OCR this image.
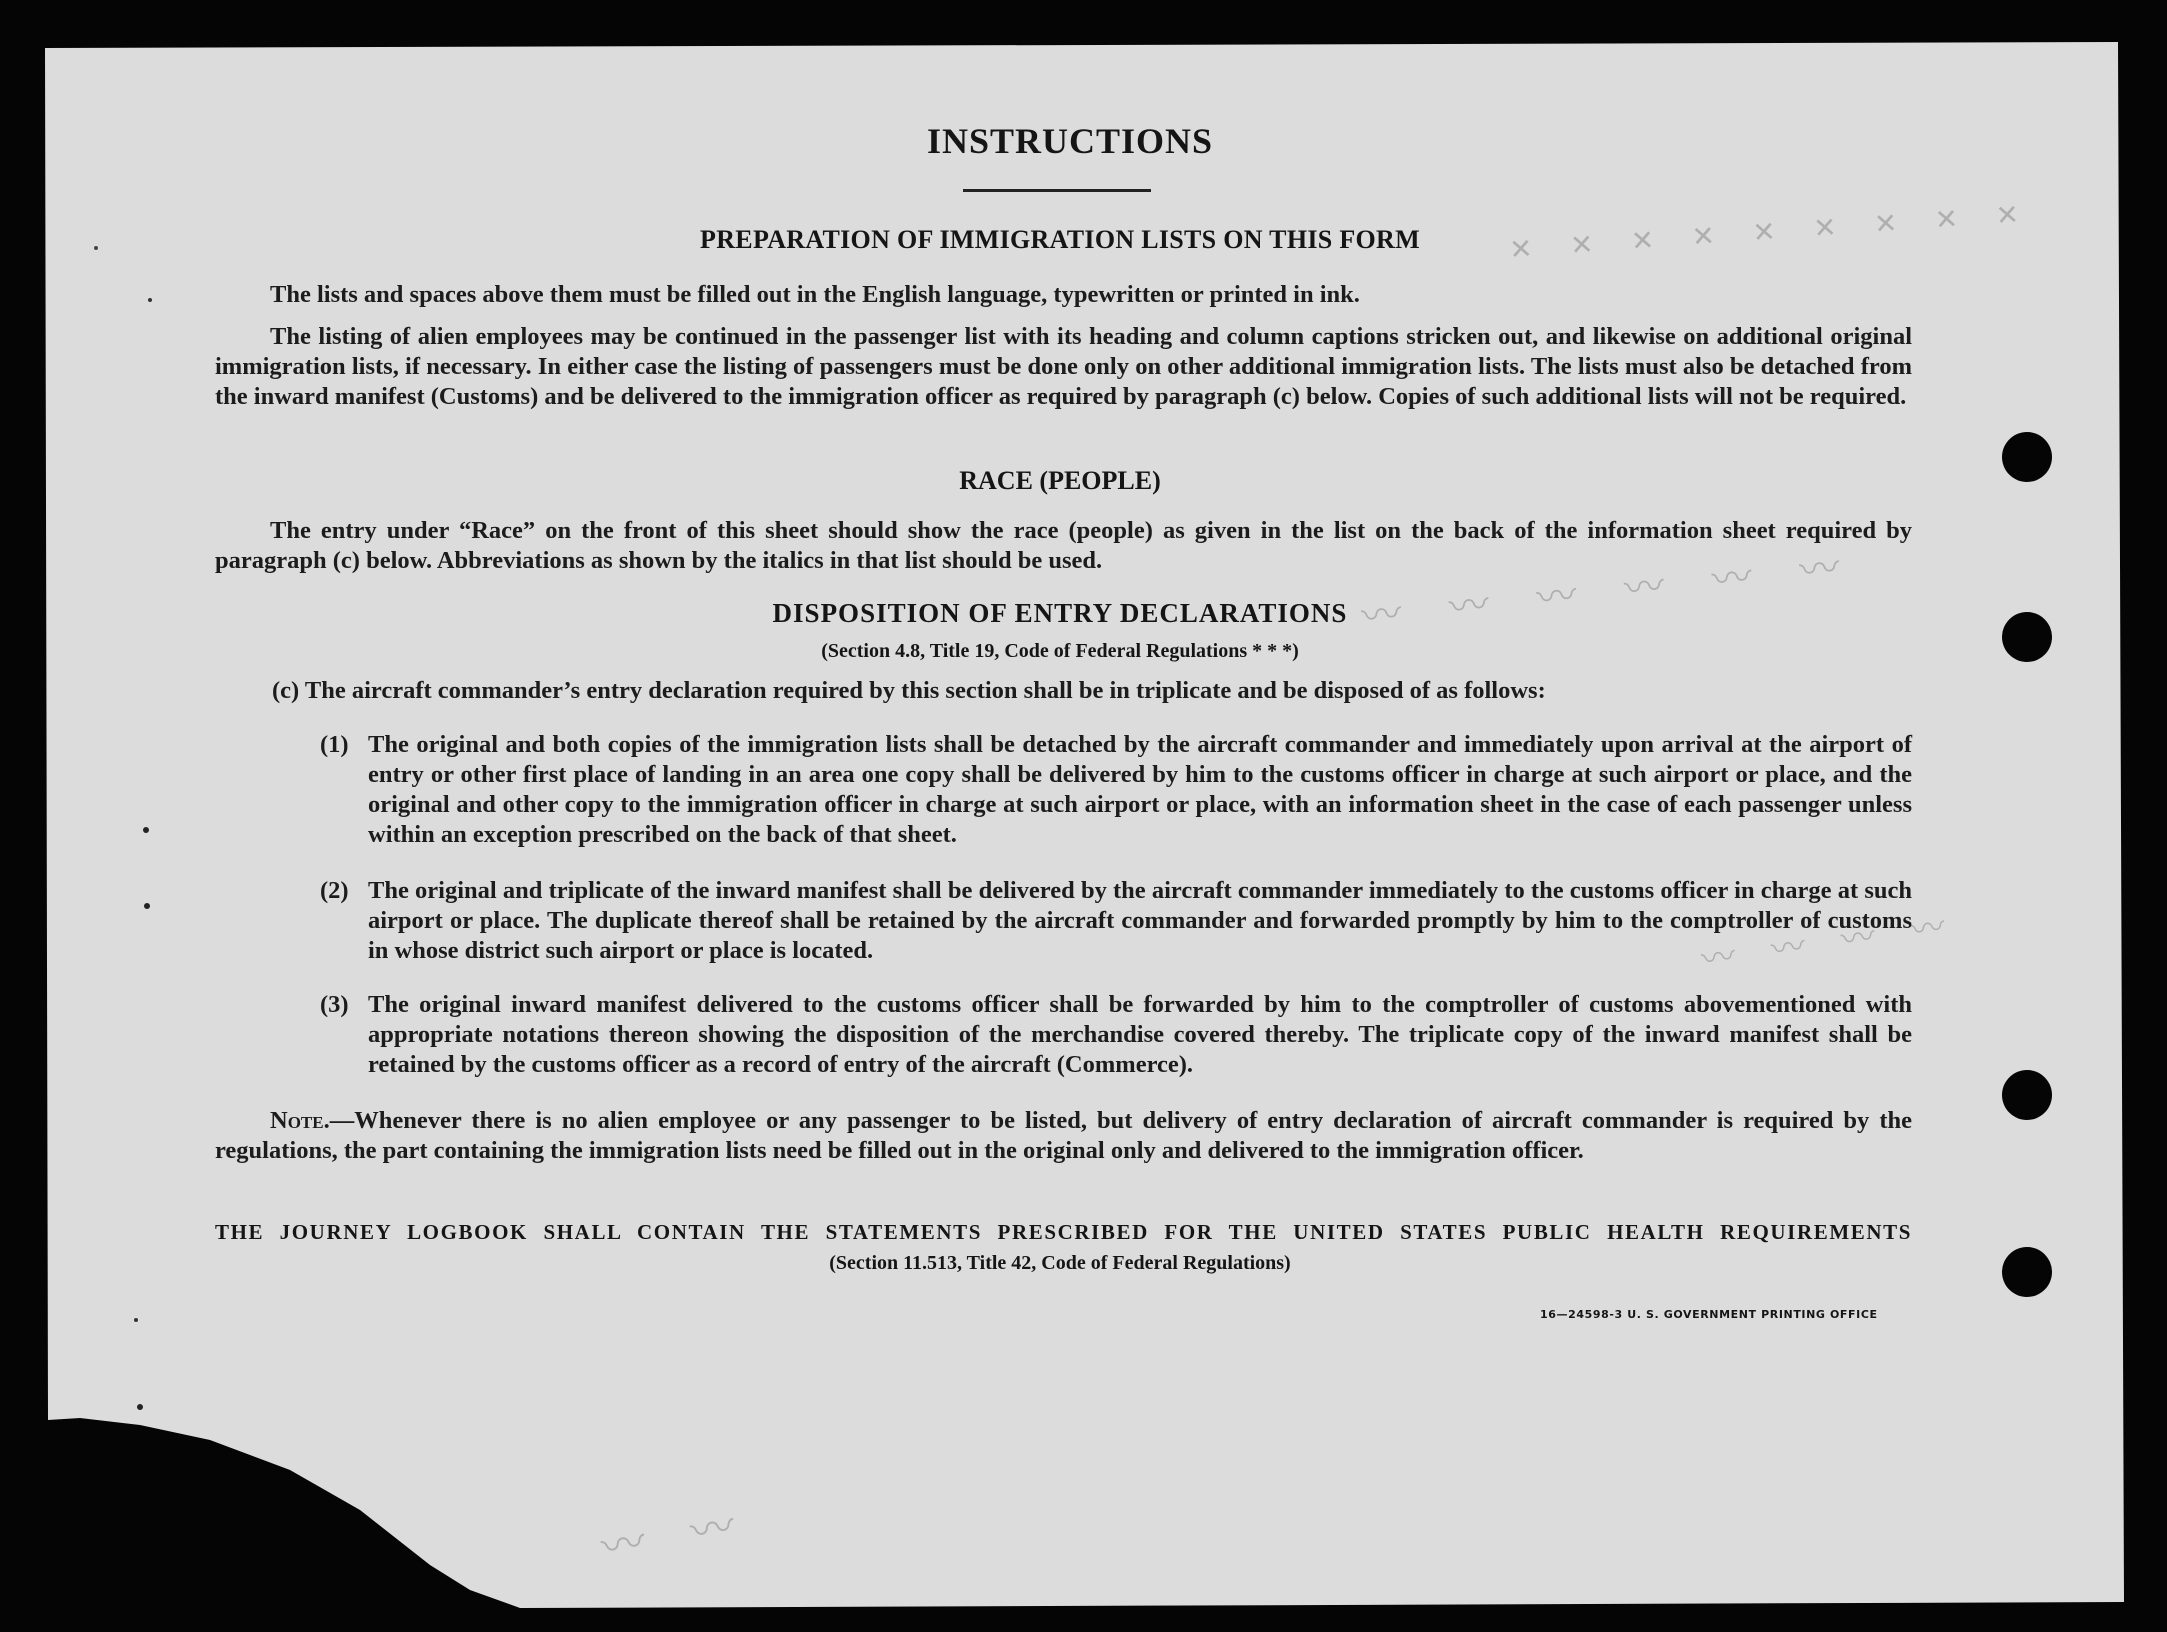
✕ ✕ ✕ ✕ ✕ ✕ ✕ ✕ ✕
〰 〰 〰 〰 〰 〰
〰 〰 〰 〰
〰 〰
INSTRUCTIONS
PREPARATION OF IMMIGRATION LISTS ON THIS FORM
The lists and spaces above them must be filled out in the English language, typewritten or printed in ink.
The listing of alien employees may be continued in the passenger list with its heading and column captions stricken out, and likewise on additional original immigration lists, if necessary. In either case the listing of passengers must be done only on other additional immigration lists. The lists must also be detached from the inward manifest (Customs) and be delivered to the immigration officer as required by paragraph (c) below. Copies of such additional lists will not be required.
RACE (PEOPLE)
The entry under “Race” on the front of this sheet should show the race (people) as given in the list on the back of the information sheet required by paragraph (c) below. Abbreviations as shown by the italics in that list should be used.
DISPOSITION OF ENTRY DECLARATIONS
(Section 4.8, Title 19, Code of Federal Regulations * * *)
(c) The aircraft commander’s entry declaration required by this section shall be in triplicate and be disposed of as follows:
(1) The original and both copies of the immigration lists shall be detached by the aircraft commander and immediately upon arrival at the airport of entry or other first place of landing in an area one copy shall be delivered by him to the customs officer in charge at such airport or place, and the original and other copy to the immigration officer in charge at such airport or place, with an information sheet in the case of each passenger unless within an exception prescribed on the back of that sheet.
(2) The original and triplicate of the inward manifest shall be delivered by the aircraft commander immediately to the customs officer in charge at such airport or place. The duplicate thereof shall be retained by the aircraft commander and forwarded promptly by him to the comptroller of customs in whose district such airport or place is located.
(3) The original inward manifest delivered to the customs officer shall be forwarded by him to the comptroller of customs abovementioned with appropriate notations thereon showing the disposition of the merchandise covered thereby. The triplicate copy of the inward manifest shall be retained by the customs officer as a record of entry of the aircraft (Commerce).
Note.—Whenever there is no alien employee or any passenger to be listed, but delivery of entry declaration of aircraft commander is required by the regulations, the part containing the immigration lists need be filled out in the original only and delivered to the immigration officer.
THE JOURNEY LOGBOOK SHALL CONTAIN THE STATEMENTS PRESCRIBED FOR THE UNITED STATES PUBLIC HEALTH REQUIREMENTS
(Section 11.513, Title 42, Code of Federal Regulations)
16—24598-3 U. S. GOVERNMENT PRINTING OFFICE
